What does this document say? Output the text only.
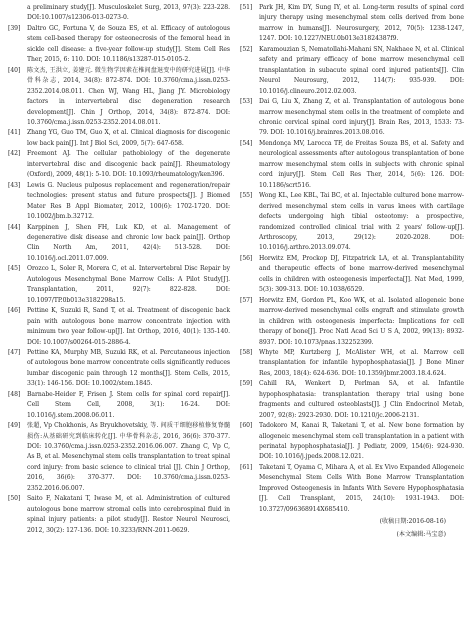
a preliminary study[J]. Musculoskelet Surg, 2013, 97(3): 223-228. DOI:10.1007/s12306-013-0273-0.

[39] Daltro GC, Fortuna V, de Souza ES, et al. Efficacy of autologous stem cell-based therapy for osteonecrosis of the femoral head in sickle cell disease: a five-year follow-up study[J]. Stem Cell Res Ther, 2015, 6: 110. DOI: 10.1186/s13287-015-0105-2.

[40] 陈文杰, 王洪立, 姜建元. 微生物学因素在椎间盘退变中的研究进展[J]. 中华骨科杂志, 2014, 34(8): 872-874. DOI: 10.3760/cma.j.issn.0253-2352.2014.08.011. Chen WJ, Wang HL, Jiang JY. Microbiology factors in intervertebral disc degeneration research development[J]. Chin J Orthop, 2014, 34(8): 872-874. DOI: 10.3760/cma.j.issn.0253-2352.2014.08.011.

[41] Zhang YG, Guo TM, Guo X, et al. Clinical diagnosis for discogenic low back pain[J]. Int J Biol Sci, 2009, 5(7): 647-658.

[42] Freemont AJ. The cellular pathobiology of the degenerate intervertebral disc and discogenic back pain[J]. Rheumatology (Oxford), 2009, 48(1): 5-10. DOI: 10.1093/rheumatology/ken396.

[43] Lewis G. Nucleus pulposus replacement and regeneration/repair technologies: present status and future prospects[J]. J Biomed Mater Res B Appl Biomater, 2012, 100(6): 1702-1720. DOI: 10.1002/jbm.b.32712.

[44] Karppinen J, Shen FH, Luk KD, et al. Management of degenerative disk disease and chronic low back pain[J]. Orthop Clin North Am, 2011, 42(4): 513-528. DOI: 10.1016/j.ocl.2011.07.009.

[45] Orozco L, Soler R, Morera C, et al. Intervertebral Disc Repair by Autologous Mesenchymal Bone Marrow Cells: A Pilot Study[J]. Transplantation, 2011, 92(7): 822-828. DOI: 10.1097/TP.0b013e3182298a15.

[46] Pettine K, Suzuki R, Sand T, et al. Treatment of discogenic back pain with autologous bone marrow concentrate injection with minimum two year follow-up[J]. Int Orthop, 2016, 40(1): 135-140. DOI: 10.1007/s00264-015-2886-4.

[47] Pettine KA, Murphy MB, Suzuki RK, et al. Percutaneous injection of autologous bone marrow concentrate cells significantly reduces lumbar discogenic pain through 12 months[J]. Stem Cells, 2015, 33(1): 146-156. DOI: 10.1002/stem.1845.

[48] Barnabe-Heider F, Frisen J. Stem cells for spinal cord repair[J]. Cell Stem Cell, 2008, 3(1): 16-24. DOI: 10.1016/j.stem.2008.06.011.

[49] 张超, Vp Chokhonis, As Bryukhovetskiy, 等. 间质干细胞移植修复脊髓损伤:从基础研究到临床转化[J]. 中华骨科杂志, 2016, 36(6): 370-377. DOI: 10.3760/cma.j.issn.0253-2352.2016.06.007. Zhang C, Vp C, As B, et al. Mesenchymal stem cells transplantation to treat spinal cord injury: from basic science to clinical trial [J]. Chin J Orthop, 2016, 36(6): 370-377. DOI: 10.3760/cma.j.issn.0253-2352.2016.06.007.

[50] Saito F, Nakatani T, Iwase M, et al. Administration of cultured autologous bone marrow stromal cells into cerebrospinal fluid in spinal injury patients: a pilot study[J]. Restor Neurol Neurosci, 2012, 30(2): 127-136. DOI: 10.3233/RNN-2011-0629.

[51] Park JH, Kim DY, Sung IY, et al. Long-term results of spinal cord injury therapy using mesenchymal stem cells derived from bone marrow in humans[J]. Neurosurgery, 2012, 70(5): 1238-1247, 1247. DOI: 10.1227/NEU.0b013e31824387f9.

[52] Karamouzian S, Nematollahi-Mahani SN, Nakhaee N, et al. Clinical safety and primary efficacy of bone marrow mesenchymal cell transplantation in subacute spinal cord injured patients[J]. Clin Neurol Neurosurg, 2012, 114(7): 935-939. DOI: 10.1016/j.clineuro.2012.02.003.

[53] Dai G, Liu X, Zhang Z, et al. Transplantation of autologous bone marrow mesenchymal stem cells in the treatment of complete and chronic cervical spinal cord injury[J]. Brain Res, 2013, 1533: 73-79. DOI: 10.1016/j.brainres.2013.08.016.

[54] Mendonça MV, Larocca TF, de Freitas Souza BS, et al. Safety and neurological assessments after autologous transplantation of bone marrow mesenchymal stem cells in subjects with chronic spinal cord injury[J]. Stem Cell Res Ther, 2014, 5(6): 126. DOI: 10.1186/scrt516.

[55] Wong KL, Lee KBL, Tai BC, et al. Injectable cultured bone marrow-derived mesenchymal stem cells in varus knees with cartilage defects undergoing high tibial osteotomy: a prospective, randomized controlled clinical trial with 2 years' follow-up[J]. Arthroscopy, 2013, 29(12): 2020-2028. DOI: 10.1016/j.arthro.2013.09.074.

[56] Horwitz EM, Prockop DJ, Fitzpatrick LA, et al. Transplantability and therapeutic effects of bone marrow-derived mesenchymal cells in children with osteogenesis imperfecta[J]. Nat Med, 1999, 5(3): 309-313. DOI: 10.1038/6529.

[57] Horwitz EM, Gordon PL, Koo WK, et al. Isolated allogeneic bone marrow-derived mesenchymal cells engraft and stimulate growth in children with osteogenesis imperfecta: Implications for cell therapy of bone[J]. Proc Natl Acad Sci U S A, 2002, 99(13): 8932-8937. DOI: 10.1073/pnas.132252399.

[58] Whyte MP, Kurtzberg J, McAlister WH, et al. Marrow cell transplantation for infantile hypophosphatasia[J]. J Bone Miner Res, 2003, 18(4): 624-636. DOI: 10.1359/jbmr.2003.18.4.624.

[59] Cahill RA, Wenkert D, Perlman SA, et al. Infantile hypophosphatasia: transplantation therapy trial using bone fragments and cultured osteoblasts[J]. J Clin Endocrinol Metab, 2007, 92(8): 2923-2930. DOI: 10.1210/jc.2006-2131.

[60] Tadokoro M, Kanai R, Taketani T, et al. New bone formation by allogeneic mesenchymal stem cell transplantation in a patient with perinatal hypophosphatasia[J]. J Pediatr, 2009, 154(6): 924-930. DOI: 10.1016/j.jpeds.2008.12.021.

[61] Taketani T, Oyama C, Mihara A, et al. Ex Vivo Expanded Allogeneic Mesenchymal Stem Cells With Bone Marrow Transplantation Improved Osteogenesis in Infants With Severe Hypophosphatasia [J]. Cell Transplant, 2015, 24(10): 1931-1943. DOI: 10.3727/096368914X685410.

(收稿日期:2016-08-16)
(本文编辑:马宝意)
